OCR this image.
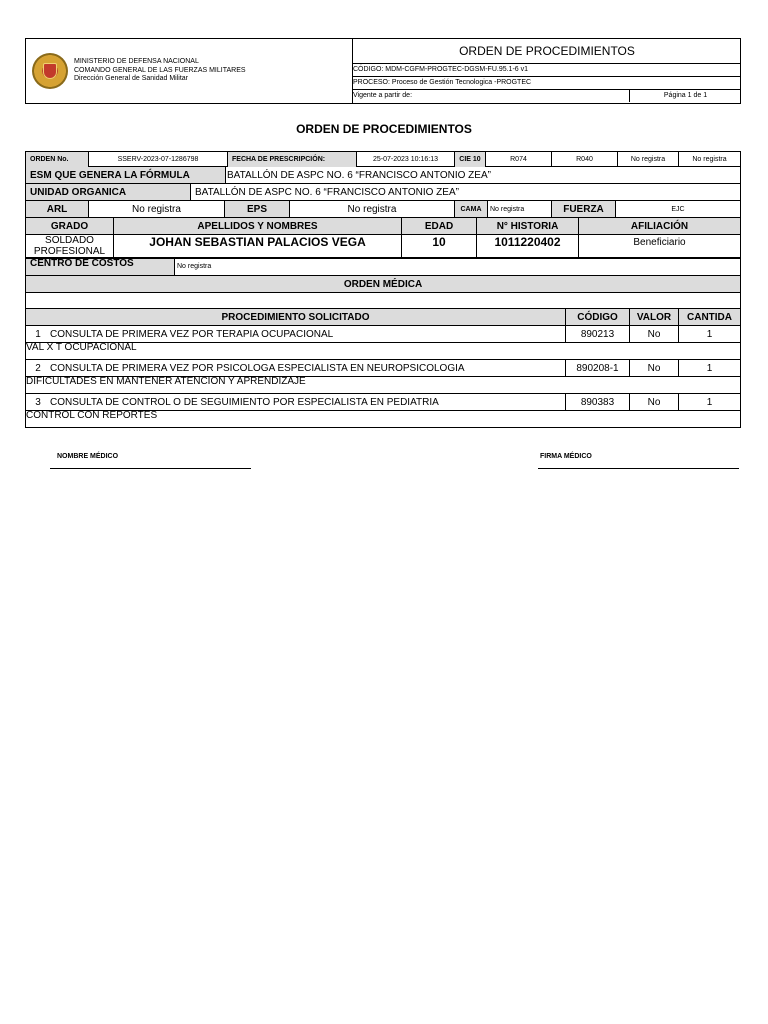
MINISTERIO DE DEFENSA NACIONAL
COMANDO GENERAL DE LAS FUERZAS MILITARES
Dirección General de Sanidad Militar
ORDEN DE PROCEDIMIENTOS
CÓDIGO: MDM-CGFM-PROGTEC-DGSM-FU.95.1-6 v1
PROCESO: Proceso de Gestión Tecnologica -PROGTEC
Vigente a partir de:	Página 1 de 1
ORDEN DE PROCEDIMIENTOS
ORDEN No.	SSERV-2023-07-1286798	FECHA DE PRESCRIPCIÓN:	25-07-2023 10:16:13	CIE 10	R074	R040	No registra	No registra
ESM QUE GENERA LA FÓRMULA	BATALLÓN DE ASPC NO. 6 “FRANCISCO ANTONIO ZEA”
UNIDAD ORGANICA	BATALLÓN DE ASPC NO. 6 “FRANCISCO ANTONIO ZEA”
ARL	No registra	EPS	No registra	CAMA	No registra	FUERZA	EJC
GRADO	APELLIDOS Y NOMBRES	EDAD	N° HISTORIA	AFILIACIÓN
SOLDADO
PROFESIONAL
JOHAN SEBASTIAN PALACIOS VEGA	10	1011220402	Beneficiario
CENTRO DE COSTOS	No registra
ORDEN MÉDICA
PROCEDIMIENTO SOLICITADO	CÓDIGO	VALOR	CANTIDA
1 CONSULTA DE PRIMERA VEZ POR TERAPIA OCUPACIONAL	890213	No	1
VAL X T OCUPACIONAL
2 CONSULTA DE PRIMERA VEZ POR PSICOLOGA ESPECIALISTA EN NEUROPSICOLOGIA	890208-1	No	1
DIFICULTADES EN MANTENER ATENCION Y APRENDIZAJE
3 CONSULTA DE CONTROL O DE SEGUIMIENTO POR ESPECIALISTA EN PEDIATRIA	890383	No	1
CONTROL CON REPORTES
NOMBRE MÉDICO	FIRMA MÉDICO
